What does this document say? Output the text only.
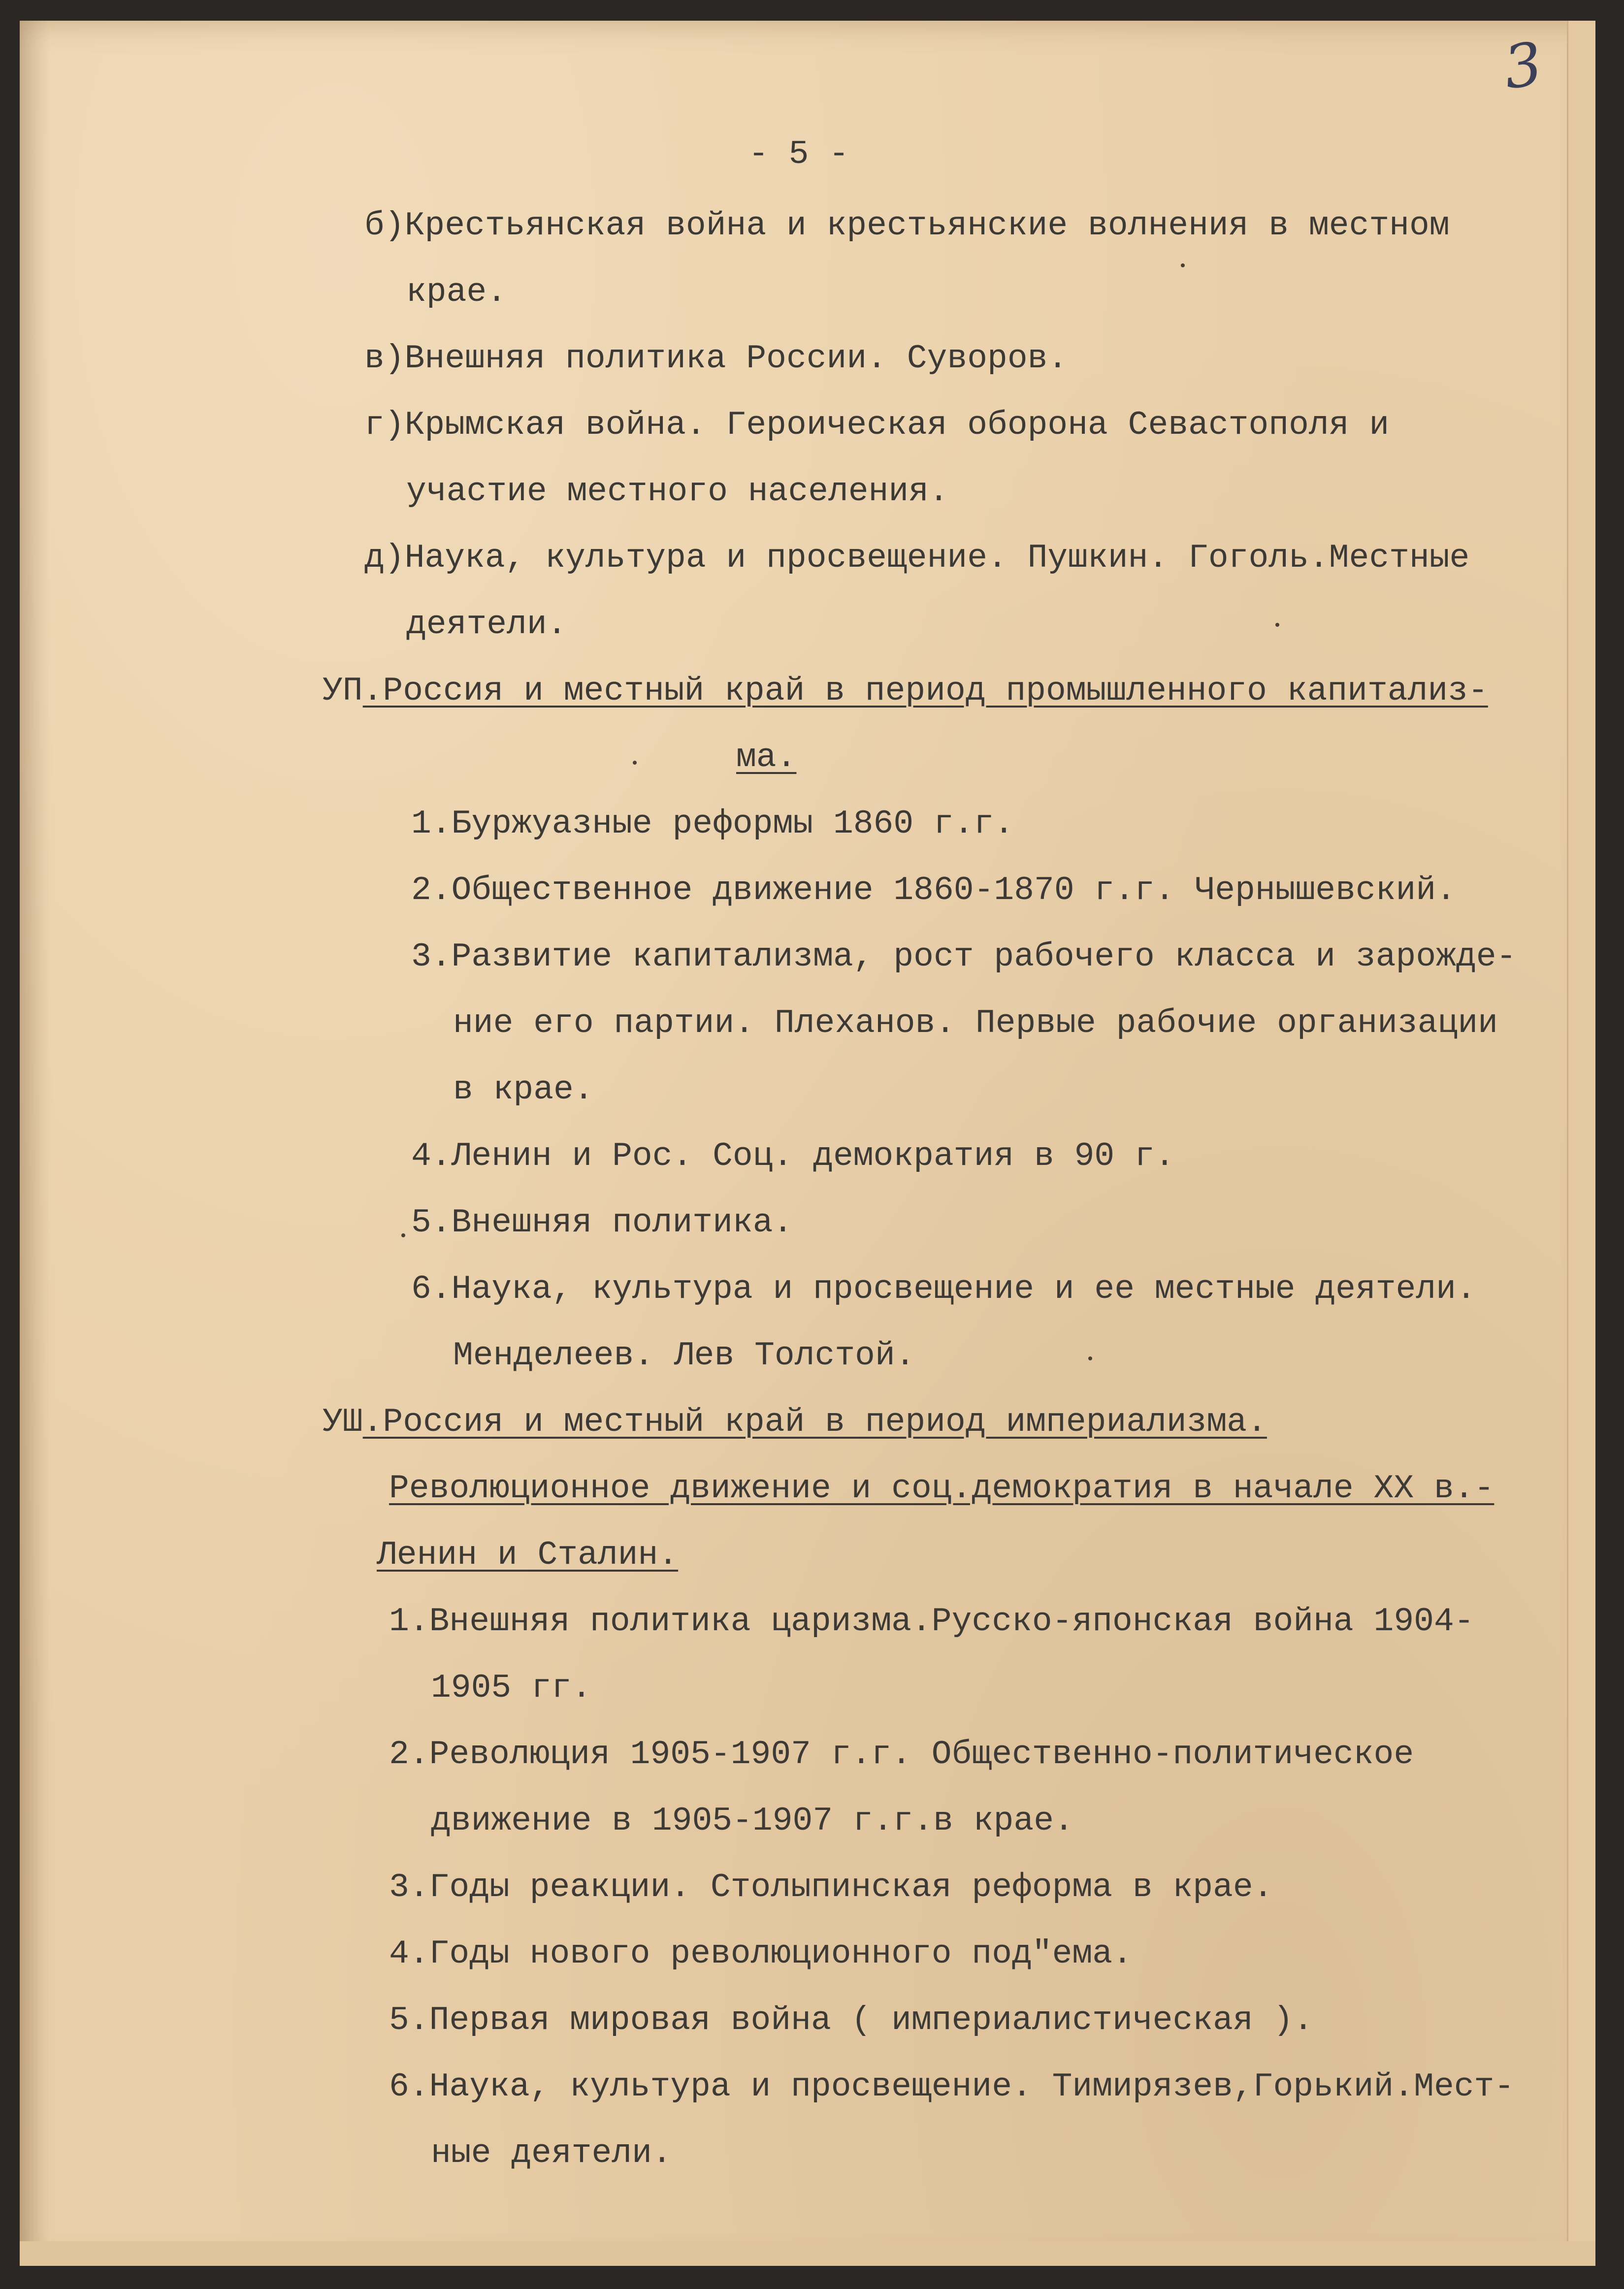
3
- 5 -
б)Крестьянская война и крестьянские волнения в местном
крае.
в)Внешняя политика России. Суворов.
г)Крымская война. Героическая оборона Севастополя и
участие местного населения.
д)Наука, культура и просвещение. Пушкин. Гоголь.Местные
деятели.
УП.Россия и местный край в период промышленного капитализ-
ма.
1.Буржуазные реформы 1860 г.г.
2.Общественное движение 1860-1870 г.г. Чернышевский.
3.Развитие капитализма, рост рабочего класса и зарожде-
ние его партии. Плеханов. Первые рабочие организации
в крае.
4.Ленин и Рос. Соц. демократия в 90 г.
5.Внешняя политика.
6.Наука, культура и просвещение и ее местные деятели.
Менделеев. Лев Толстой.
УШ.Россия и местный край в период империализма.
Революционное движение и соц.демократия в начале XX в.-
Ленин и Сталин.
1.Внешняя политика царизма.Русско-японская война 1904-
1905 гг.
2.Революция 1905-1907 г.г. Общественно-политическое
движение в 1905-1907 г.г.в крае.
3.Годы реакции. Столыпинская реформа в крае.
4.Годы нового революционного под"ема.
5.Первая мировая война ( империалистическая ).
6.Наука, культура и просвещение. Тимирязев,Горький.Мест-
ные деятели.
